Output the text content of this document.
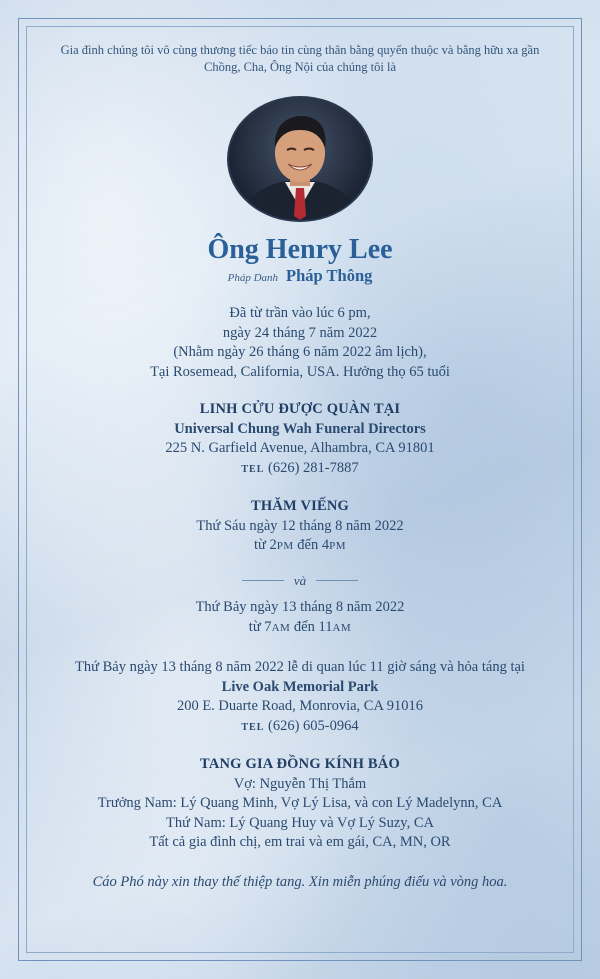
Gia đình chúng tôi vô cùng thương tiếc báo tin cùng thân bằng quyến thuộc và bằng hữu xa gần
Chồng, Cha, Ông Nội của chúng tôi là
Ông Henry Lee
Pháp Danh Pháp Thông
Đã từ trần vào lúc 6 pm,
ngày 24 tháng 7 năm 2022
(Nhằm ngày 26 tháng 6 năm 2022 âm lịch),
Tại Rosemead, California, USA. Hưởng thọ 65 tuổi
LINH CỬU ĐƯỢC QUÀN TẠI
Universal Chung Wah Funeral Directors
225 N. Garfield Avenue, Alhambra, CA 91801
TEL (626) 281-7887
THĂM VIẾNG
Thứ Sáu ngày 12 tháng 8 năm 2022
từ 2PM đến 4PM
và
Thứ Bảy ngày 13 tháng 8 năm 2022
từ 7AM đến 11AM
Thứ Bảy ngày 13 tháng 8 năm 2022 lễ di quan lúc 11 giờ sáng và hỏa táng tại
Live Oak Memorial Park
200 E. Duarte Road, Monrovia, CA 91016
TEL (626) 605-0964
TANG GIA ĐỒNG KÍNH BÁO
Vợ: Nguyễn Thị Thắm
Trưởng Nam: Lý Quang Minh, Vợ Lý Lisa, và con Lý Madelynn, CA
Thứ Nam: Lý Quang Huy và Vợ Lý Suzy, CA
Tất cả gia đình chị, em trai và em gái, CA, MN, OR
Cáo Phó này xin thay thế thiệp tang. Xin miễn phúng điếu và vòng hoa.
